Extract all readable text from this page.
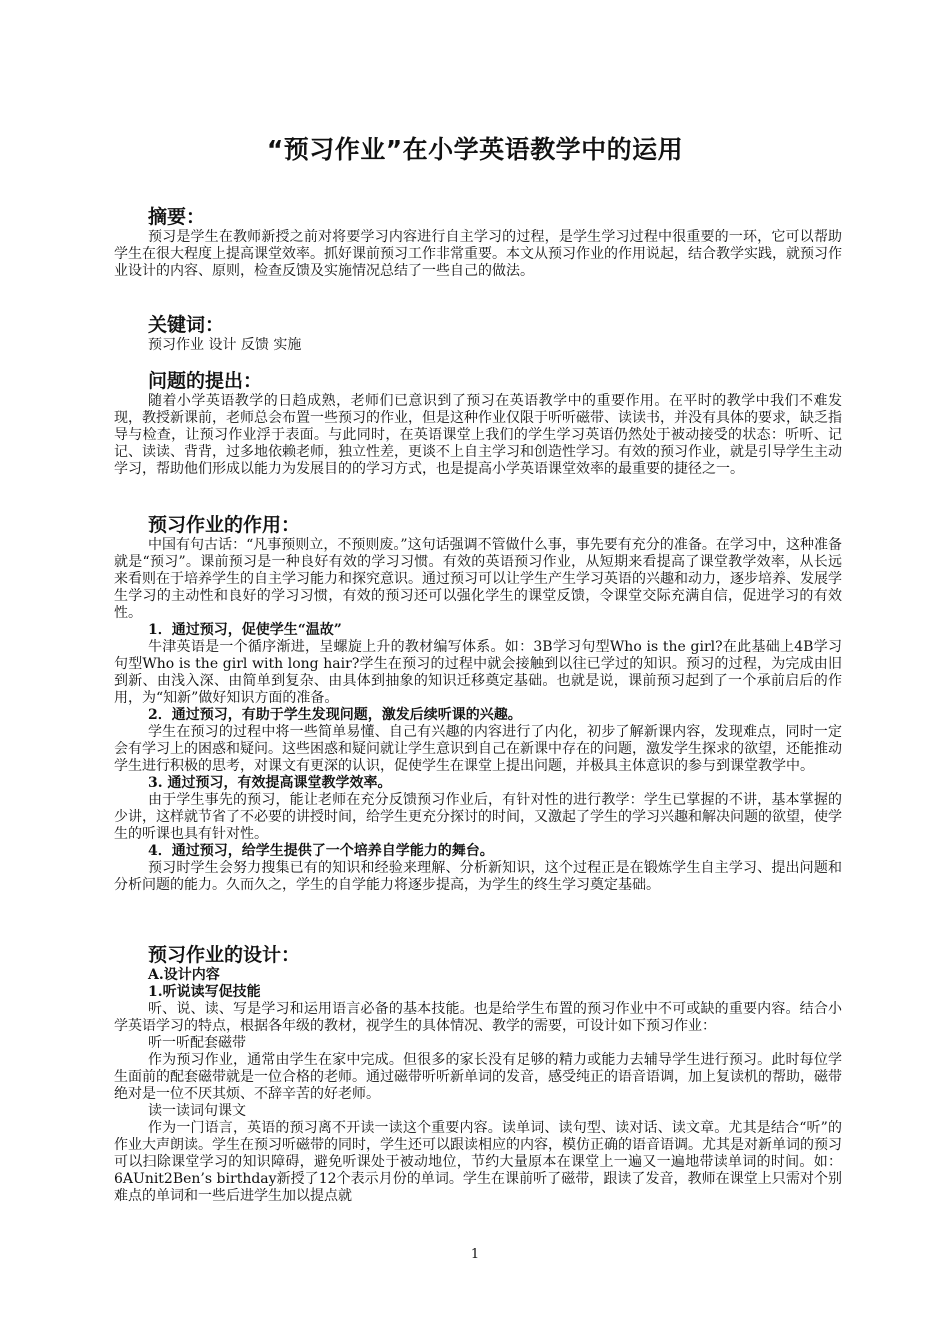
“预习作业”在小学英语教学中的运用
摘要：

预习是学生在教师新授之前对将要学习内容进行自主学习的过程，是学生学习过程中很重要的一环，它可以帮助学生在很大程度上提高课堂效率。抓好课前预习工作非常重要。本文从预习作业的作用说起，结合教学实践，就预习作业设计的内容、原则，检查反馈及实施情况总结了一些自己的做法。

关键词：

预习作业 设计 反馈 实施

问题的提出：

随着小学英语教学的日趋成熟，老师们已意识到了预习在英语教学中的重要作用。在平时的教学中我们不难发现，教授新课前，老师总会布置一些预习的作业，但是这种作业仅限于听听磁带、读读书，并没有具体的要求，缺乏指导与检查，让预习作业浮于表面。与此同时，在英语课堂上我们的学生学习英语仍然处于被动接受的状态：听听、记记、读读、背背，过多地依赖老师，独立性差，更谈不上自主学习和创造性学习。有效的预习作业，就是引导学生主动学习，帮助他们形成以能力为发展目的的学习方式，也是提高小学英语课堂效率的最重要的捷径之一。

预习作业的作用：

中国有句古话：“凡事预则立，不预则废。”这句话强调不管做什么事，事先要有充分的准备。在学习中，这种准备就是“预习”。课前预习是一种良好有效的学习习惯。有效的英语预习作业，从短期来看提高了课堂教学效率，从长远来看则在于培养学生的自主学习能力和探究意识。通过预习可以让学生产生学习英语的兴趣和动力，逐步培养、发展学生学习的主动性和良好的学习习惯，有效的预习还可以强化学生的课堂反馈，令课堂交际充满自信，促进学习的有效性。

1．通过预习，促使学生“温故”

牛津英语是一个循序渐进，呈螺旋上升的教材编写体系。如：3B学习句型Who is the girl?在此基础上4B学习句型Who is the girl with long hair?学生在预习的过程中就会接触到以往已学过的知识。预习的过程，为完成由旧到新、由浅入深、由简单到复杂、由具体到抽象的知识迁移奠定基础。也就是说，课前预习起到了一个承前启后的作用，为“知新”做好知识方面的准备。

2．通过预习，有助于学生发现问题，激发后续听课的兴趣。

学生在预习的过程中将一些简单易懂、自己有兴趣的内容进行了内化，初步了解新课内容，发现难点，同时一定会有学习上的困惑和疑问。这些困惑和疑问就让学生意识到自己在新课中存在的问题，激发学生探求的欲望，还能推动学生进行积极的思考，对课文有更深的认识，促使学生在课堂上提出问题，并极具主体意识的参与到课堂教学中。

3. 通过预习，有效提高课堂教学效率。

由于学生事先的预习，能让老师在充分反馈预习作业后，有针对性的进行教学：学生已掌握的不讲，基本掌握的少讲，这样就节省了不必要的讲授时间，给学生更充分探讨的时间，又激起了学生的学习兴趣和解决问题的欲望，使学生的听课也具有针对性。

4．通过预习，给学生提供了一个培养自学能力的舞台。

预习时学生会努力搜集已有的知识和经验来理解、分析新知识，这个过程正是在锻炼学生自主学习、提出问题和分析问题的能力。久而久之，学生的自学能力将逐步提高，为学生的终生学习奠定基础。

预习作业的设计：

A.设计内容

1.听说读写促技能

听、说、读、写是学习和运用语言必备的基本技能。也是给学生布置的预习作业中不可或缺的重要内容。结合小学英语学习的特点，根据各年级的教材，视学生的具体情况、教学的需要，可设计如下预习作业：

听一听配套磁带

作为预习作业，通常由学生在家中完成。但很多的家长没有足够的精力或能力去辅导学生进行预习。此时每位学生面前的配套磁带就是一位合格的老师。通过磁带听听新单词的发音，感受纯正的语音语调，加上复读机的帮助，磁带绝对是一位不厌其烦、不辞辛苦的好老师。

读一读词句课文

作为一门语言，英语的预习离不开读一读这个重要内容。读单词、读句型、读对话、读文章。尤其是结合“听”的作业大声朗读。学生在预习听磁带的同时，学生还可以跟读相应的内容，模仿正确的语音语调。尤其是对新单词的预习可以扫除课堂学习的知识障碍，避免听课处于被动地位，节约大量原本在课堂上一遍又一遍地带读单词的时间。如：6AUnit2Ben’s birthday新授了12个表示月份的单词。学生在课前听了磁带，跟读了发音，教师在课堂上只需对个别难点的单词和一些后进学生加以提点就

1
